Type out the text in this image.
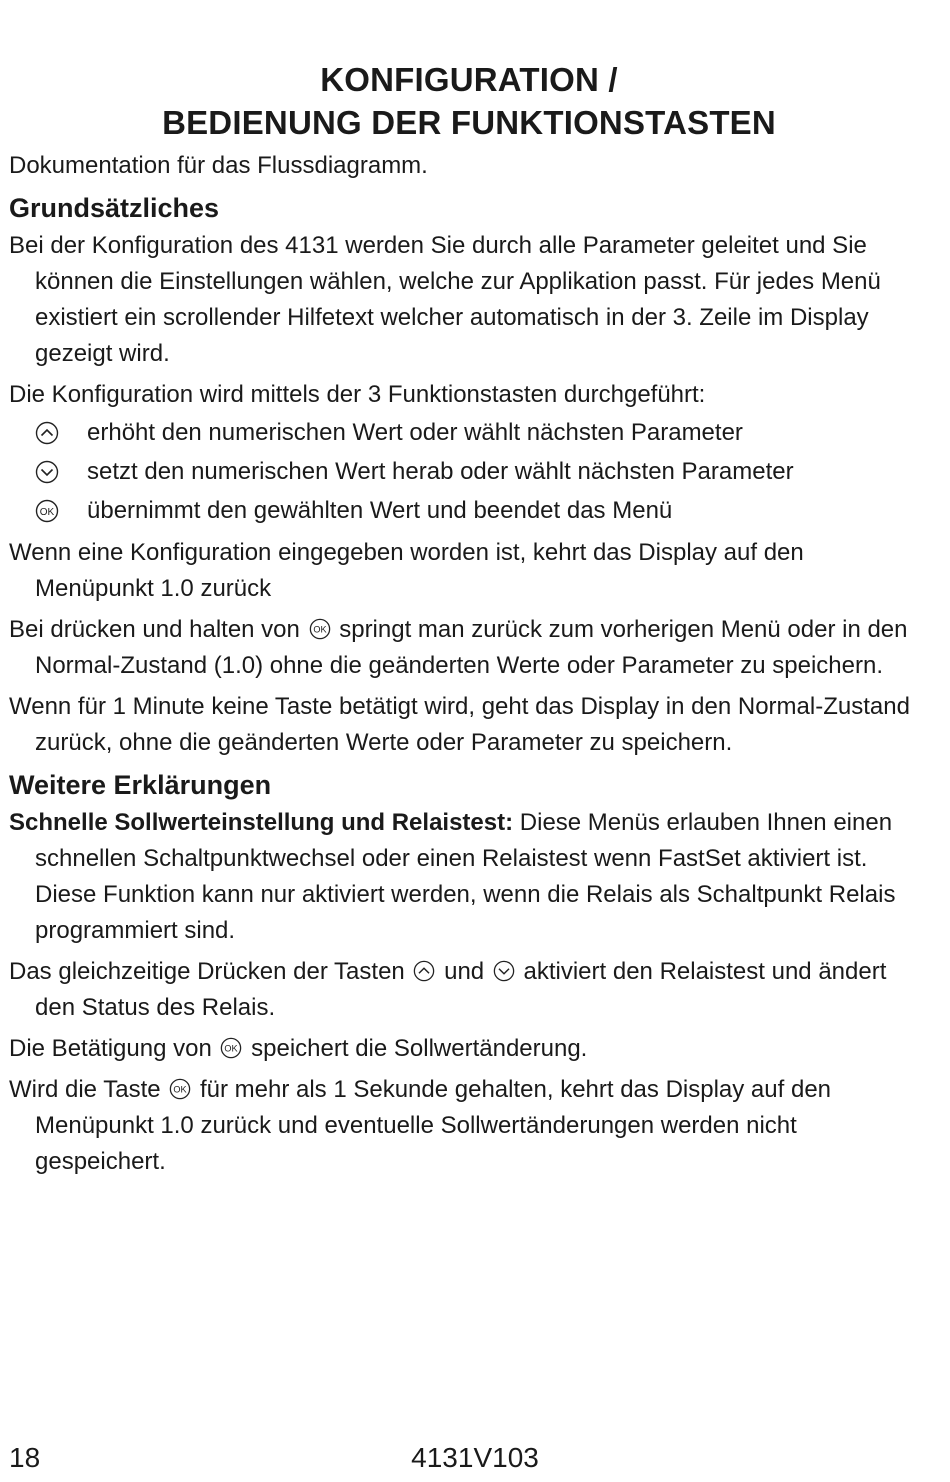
KONFIGURATION /
BEDIENUNG DER FUNKTIONSTASTEN

Dokumentation für das Flussdiagramm.

Grundsätzliches

Bei der Konfiguration des 4131 werden Sie durch alle Parameter geleitet und Sie können die Einstellungen wählen, welche zur Applikation passt. Für jedes Menü existiert ein scrollender Hilfetext welcher automatisch in der 3. Zeile im Display gezeigt wird.

Die Konfiguration wird mittels der 3 Funktionstasten durchgeführt:

erhöht den numerischen Wert oder wählt nächsten Parameter
setzt den numerischen Wert herab oder wählt nächsten Parameter
OK übernimmt den gewählten Wert und beendet das Menü

Wenn eine Konfiguration eingegeben worden ist, kehrt das Display auf den Menüpunkt 1.0 zurück

Bei drücken und halten von OK springt man zurück zum vorherigen Menü oder in den Normal-Zustand (1.0) ohne die geänderten Werte oder Parameter zu speichern.

Wenn für 1 Minute keine Taste betätigt wird, geht das Display in den Normal-Zustand zurück, ohne die geänderten Werte oder Parameter zu speichern.

Weitere Erklärungen

Schnelle Sollwerteinstellung und Relaistest: Diese Menüs erlauben Ihnen einen schnellen Schaltpunktwechsel oder einen Relaistest wenn FastSet aktiviert ist. Diese Funktion kann nur aktiviert werden, wenn die Relais als Schaltpunkt Relais programmiert sind.

Das gleichzeitige Drücken der Tasten
und
aktiviert den Relaistest und ändert den Status des Relais.

Die Betätigung von OK speichert die Sollwertänderung.

Wird die Taste OK für mehr als 1 Sekunde gehalten, kehrt das Display auf den Menüpunkt 1.0 zurück und eventuelle Sollwertänderungen werden nicht gespeichert.

4131V103
18
